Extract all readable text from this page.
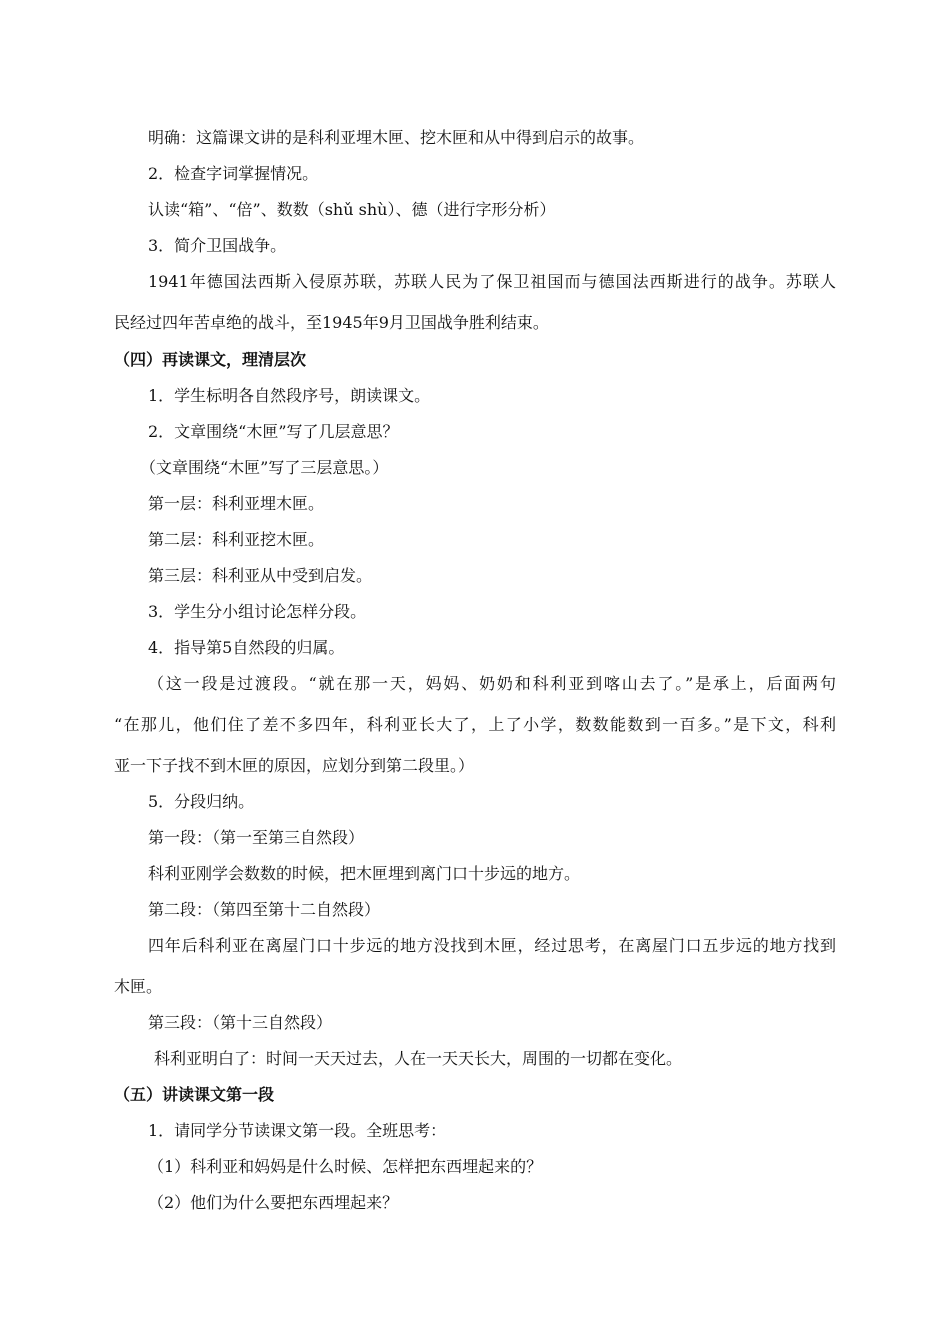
明确：这篇课文讲的是科利亚埋木匣、挖木匣和从中得到启示的故事。
2．检查字词掌握情况。
认读“箱”、“倍”、数数（shǔ shù）、德（进行字形分析）
3．简介卫国战争。
1941年德国法西斯入侵原苏联，苏联人民为了保卫祖国而与德国法西斯进行的战争。苏联人
民经过四年苦卓绝的战斗，至1945年9月卫国战争胜利结束。
（四）再读课文，理清层次
1．学生标明各自然段序号，朗读课文。
2．文章围绕“木匣”写了几层意思？
（文章围绕“木匣”写了三层意思。）
第一层：科利亚埋木匣。
第二层：科利亚挖木匣。
第三层：科利亚从中受到启发。
3．学生分小组讨论怎样分段。
4．指导第5自然段的归属。
（这一段是过渡段。“就在那一天，妈妈、奶奶和科利亚到喀山去了。”是承上，后面两句
“在那儿，他们住了差不多四年，科利亚长大了，上了小学，数数能数到一百多。”是下文，科利
亚一下子找不到木匣的原因，应划分到第二段里。）
5．分段归纳。
第一段：（第一至第三自然段）
科利亚刚学会数数的时候，把木匣埋到离门口十步远的地方。
第二段：（第四至第十二自然段）
四年后科利亚在离屋门口十步远的地方没找到木匣，经过思考，在离屋门口五步远的地方找到
木匣。
第三段：（第十三自然段）
科利亚明白了：时间一天天过去，人在一天天长大，周围的一切都在变化。
（五）讲读课文第一段
1．请同学分节读课文第一段。全班思考：
（1）科利亚和妈妈是什么时候、怎样把东西埋起来的？
（2）他们为什么要把东西埋起来？
